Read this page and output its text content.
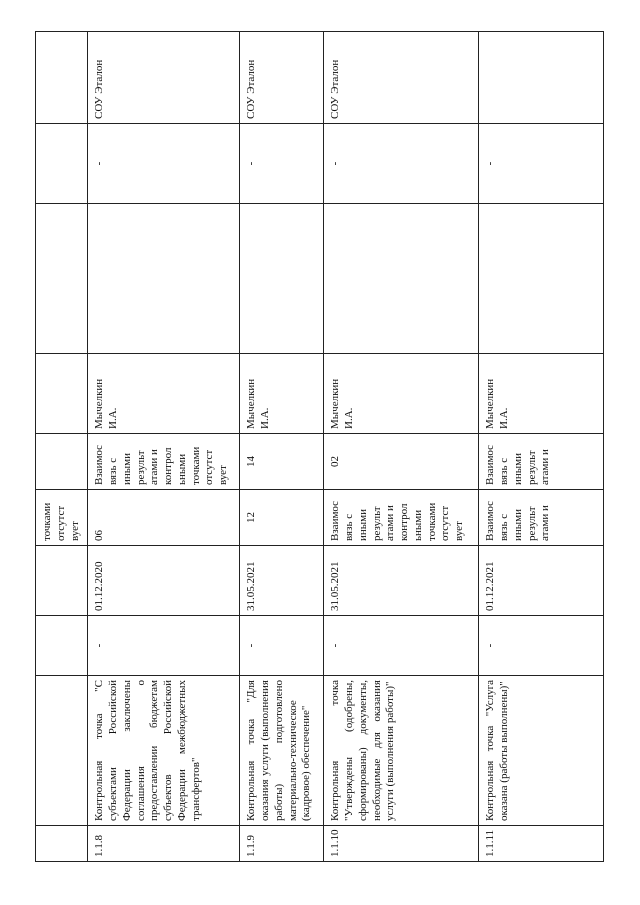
				точками отсутст вует					
1.1.8	Контрольная точка "С субъектами Российской Федерации заключены соглашения о предоставлении бюджетам субъектов Российской Федерации межбюджетных трансфертов"	-	01.12.2020	06	Взаимос вязь с иными результ атами и контрол ьными точками отсутст вует	Мычелкин И.А.		-	СОУ Эталон
1.1.9	Контрольная точка "Для оказания услуги (выполнения работы) подготовлено материально-техническое (кадровое) обеспечение"	-	31.05.2021	12	14	Мычелкин И.А.		-	СОУ Эталон
1.1.10	Контрольная точка "Утверждены (одобрены, сформированы) документы, необходимые для оказания услуги (выполнения работы)"	-	31.05.2021	Взаимос вязь с иными результ атами и контрол ьными точками отсутст вует	02	Мычелкин И.А.		-	СОУ Эталон
1.1.11	Контрольная точка "Услуга оказана (работы выполнены)"	-	01.12.2021	Взаимос вязь с иными результ атами и	Взаимос вязь с иными результ атами и	Мычелкин И.А.		-	
